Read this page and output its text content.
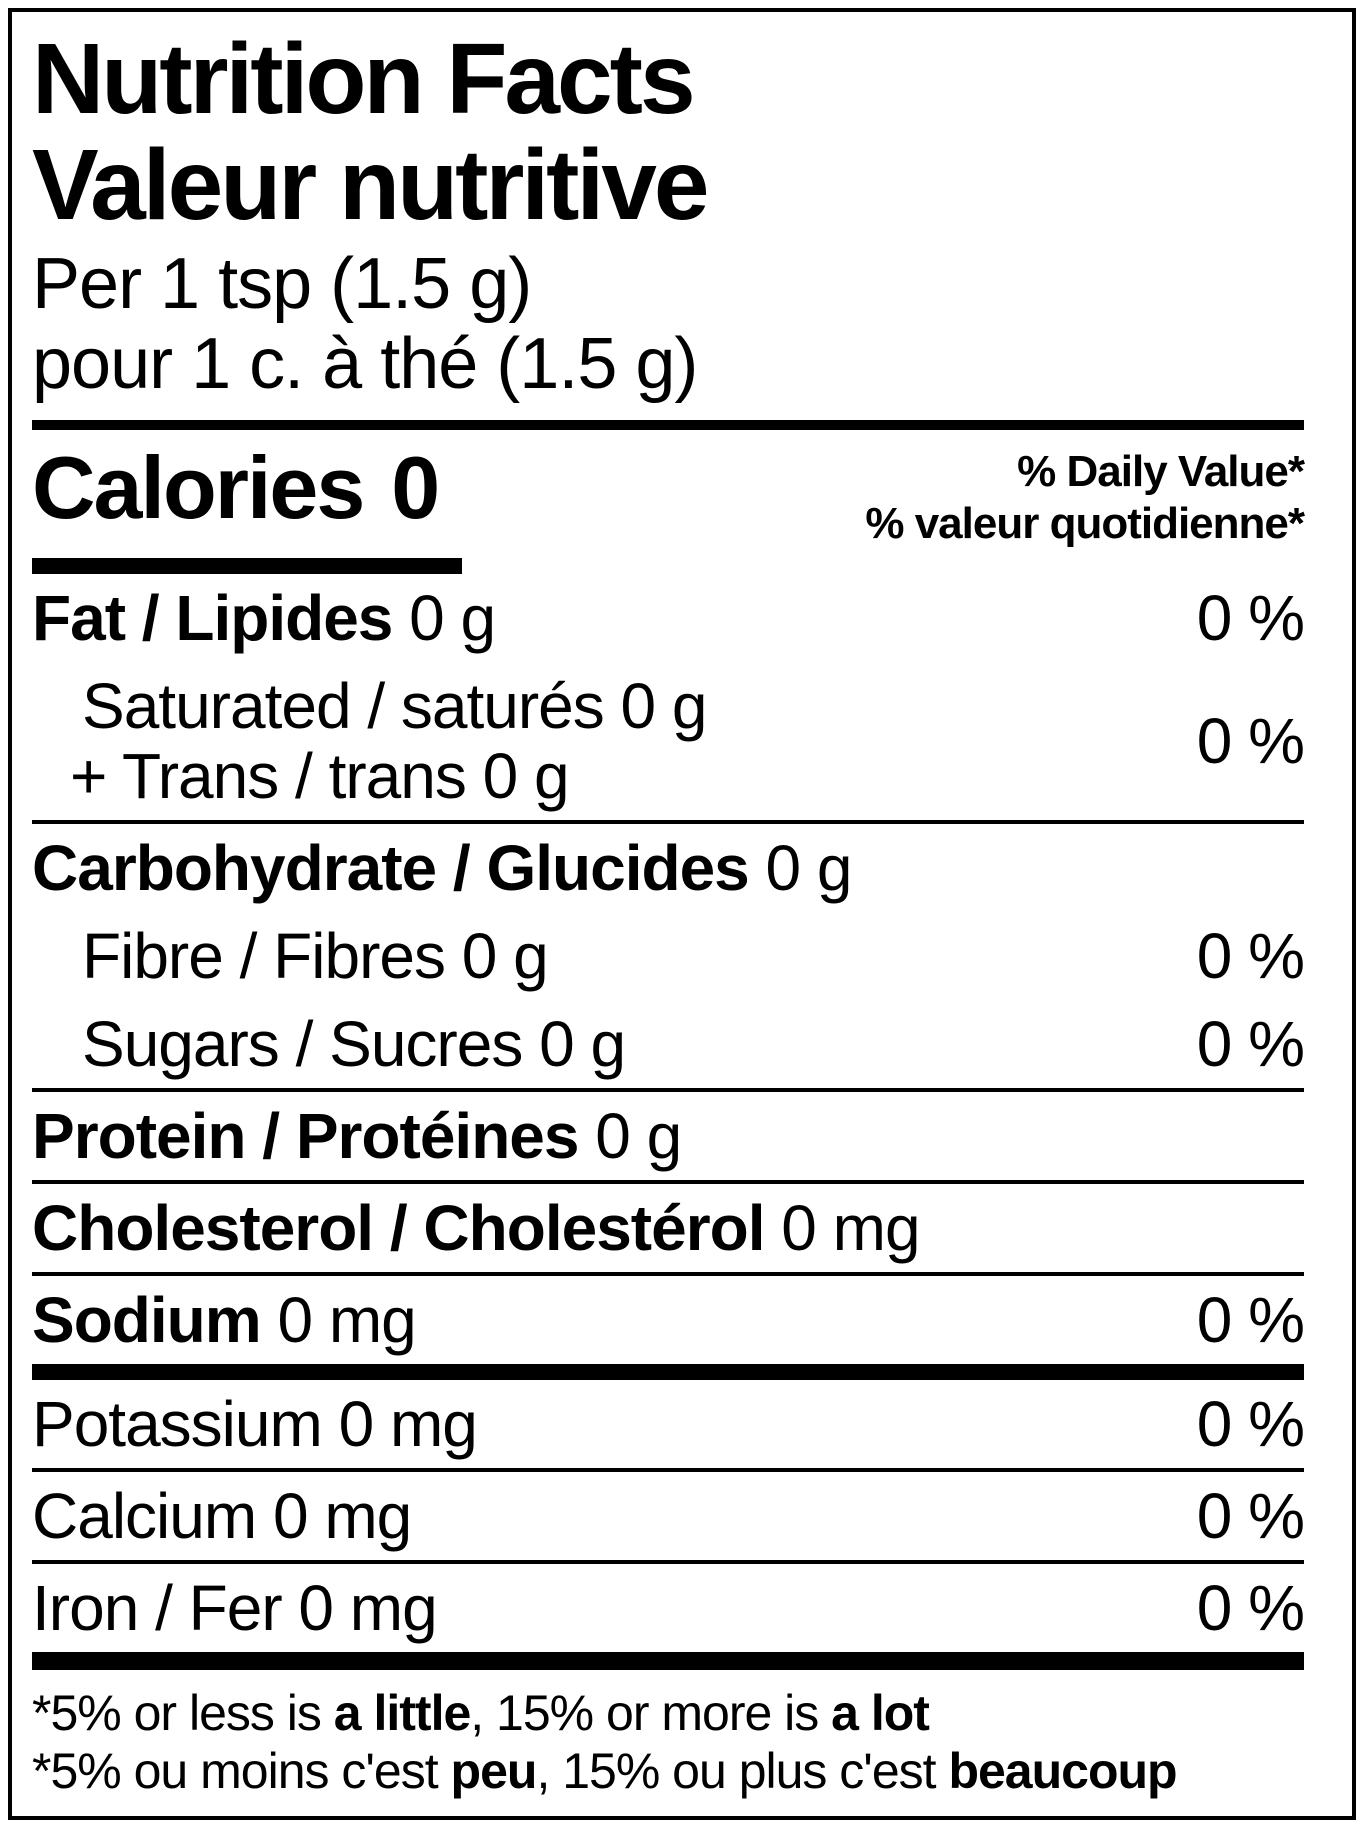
Nutrition Facts
Valeur nutritive
Per 1 tsp (1.5 g)
pour 1 c. à thé (1.5 g)
Calories 0	% Daily Value*
% valeur quotidienne*
Fat / Lipides 0 g	0 %
Saturated / saturés 0 g
+ Trans / trans 0 g	0 %
Carbohydrate / Glucides 0 g
Fibre / Fibres 0 g	0 %
Sugars / Sucres 0 g	0 %
Protein / Protéines 0 g
Cholesterol / Cholestérol 0 mg
Sodium 0 mg	0 %
Potassium 0 mg	0 %
Calcium 0 mg	0 %
Iron / Fer 0 mg	0 %
*5% or less is a little, 15% or more is a lot
*5% ou moins c'est peu, 15% ou plus c'est beaucoup
